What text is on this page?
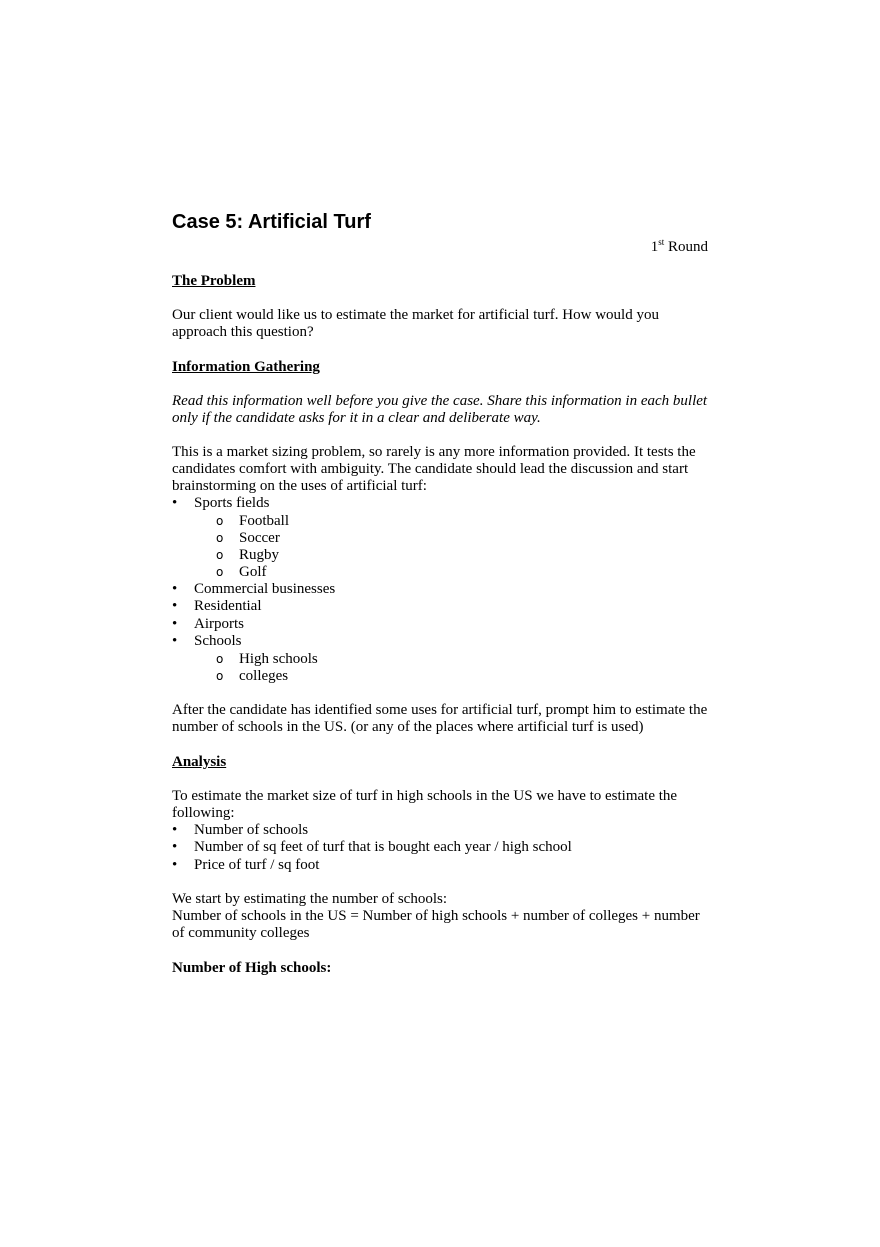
Case 5: Artificial Turf
1st Round
The Problem

Our client would like us to estimate the market for artificial turf. How would you approach this question?

Information Gathering

Read this information well before you give the case. Share this information in each bullet only if the candidate asks for it in a clear and deliberate way.

This is a market sizing problem, so rarely is any more information provided. It tests the candidates comfort with ambiguity. The candidate should lead the discussion and start brainstorming on the uses of artificial turf:

•	Sports fields
o	Football
o	Soccer
o	Rugby
o	Golf
•	Commercial businesses
•	Residential
•	Airports
•	Schools
o	High schools
o	colleges

After the candidate has identified some uses for artificial turf, prompt him to estimate the number of schools in the US. (or any of the places where artificial turf is used)

Analysis

To estimate the market size of turf in high schools in the US we have to estimate the following:

•	Number of schools
•	Number of sq feet of turf that is bought each year / high school
•	Price of turf / sq foot

We start by estimating the number of schools:

Number of schools in the US = Number of high schools + number of colleges + number of community colleges
Number of High schools:
